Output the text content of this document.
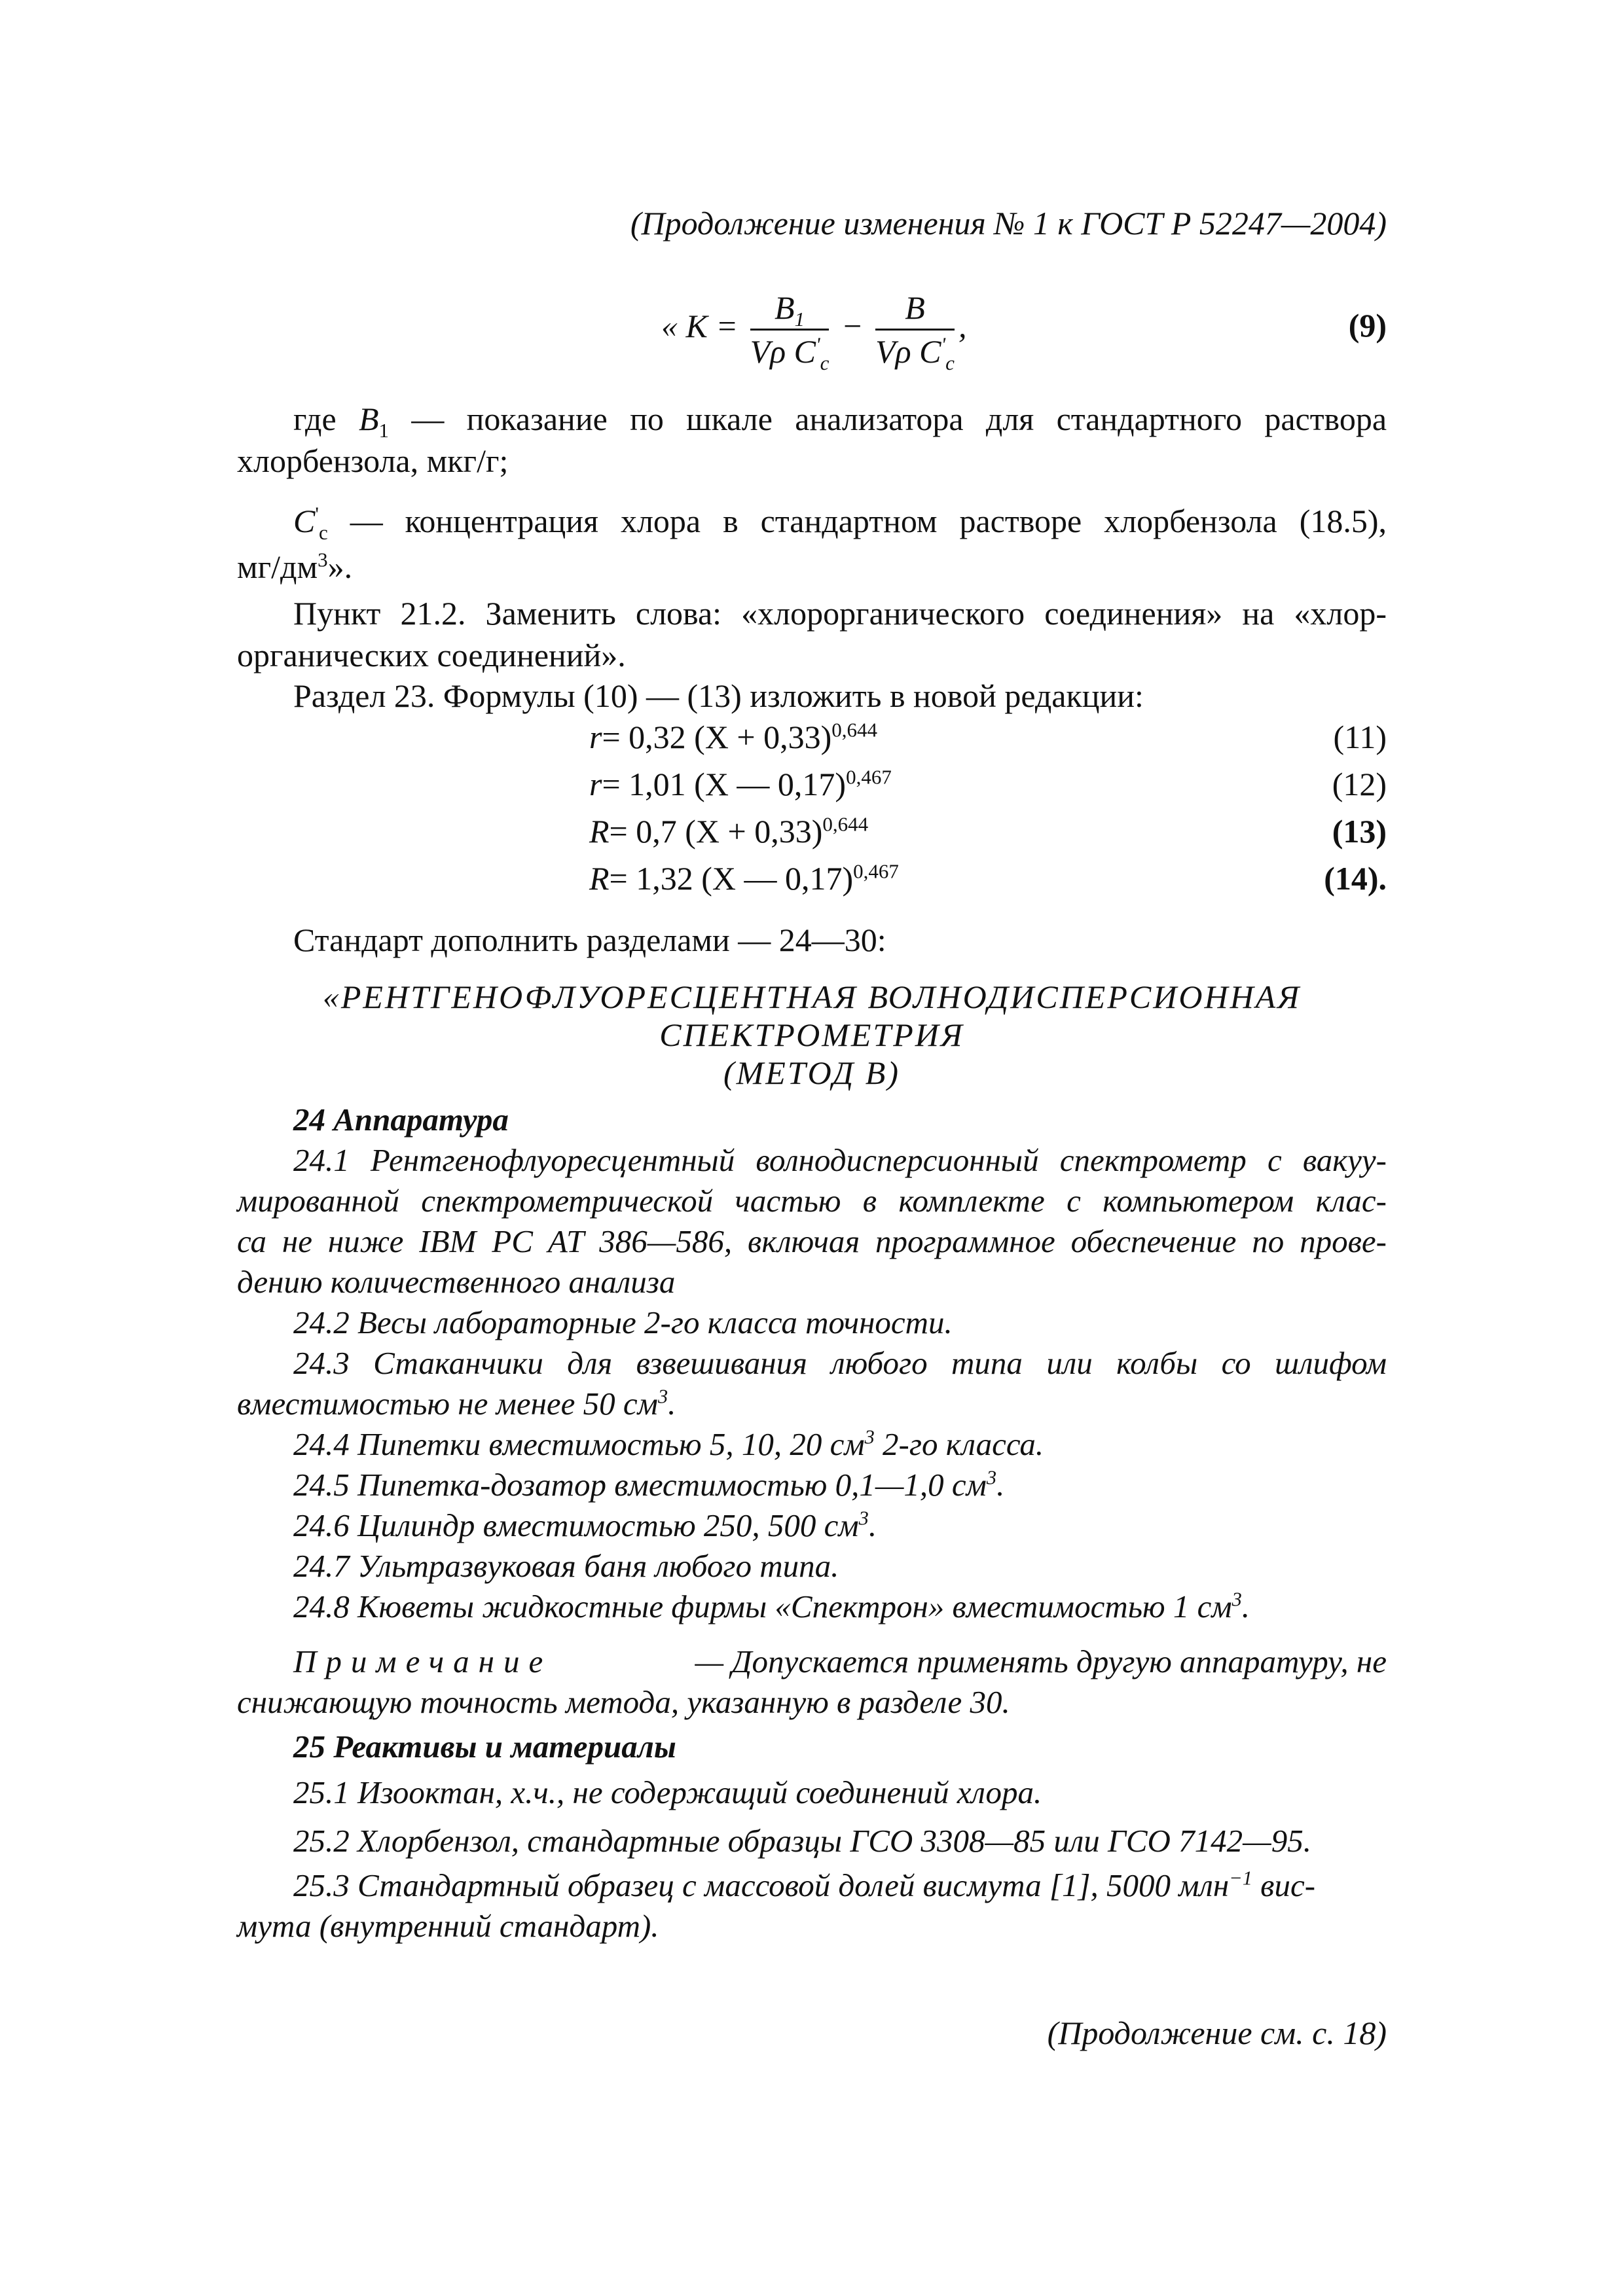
(Продолжение изменения № 1 к ГОСТ Р 52247—2004)
« $K = \frac{B_1}{V\rho C'_c} - \frac{B}{V\rho C'_c}$ ,	(9)
где $B_1$ — показание по шкале анализатора для стандартного раствора
хлорбензола, мкг/г;
$C'_c$ — концентрация хлора в стандартном растворе хлорбензола (18.5),
$мг/дм^3$».
Пункт 21.2. Заменить слова: «хлорорганического соединения» на «хлор-
органических соединений».
Раздел 23. Формулы (10) — (13) изложить в новой редакции:
r= 0,32 $(X + 0,33)^{0,644}$	(11)
r= 1,01 (X — 0,17)$^{0,467}$	(12)
R= 0,7 $(X + 0,33)^{0,644}$	(13)
R= 1,32 (X — 0,17)$^{0,467}$	(14).
Стандарт дополнить разделами — 24—30:
«РЕНТГЕНОФЛУОРЕСЦЕНТНАЯ ВОЛНОДИСПЕРСИОННАЯ
СПЕКТРОМЕТРИЯ
(МЕТОД В)
24 Аппаратура
24.1 Рентгенофлуоресцентный волнодисперсионный спектрометр с вакуу-
мированной спектрометрической частью в комплекте с компьютером клас-
са не ниже IBM PC AT 386—586, включая программное обеспечение по прове-
дению количественного анализа
24.2 Весы лабораторные 2-го класса точности.
24.3 Стаканчики для взвешивания любого типа или колбы со шлифом
вместимостью не менее 50 $см^3$.
24.4 Пипетки вместимостью 5, 10, 20 $см^3$ 2-го класса.
24.5 Пипетка-дозатор вместимостью 0,1—1,0 $см^3$.
24.6 Цилиндр вместимостью 250, 500 $см^3$.
24.7 Ультразвуковая баня любого типа.
24.8 Кюветы жидкостные фирмы «Спектрон» вместимостью 1 $см^3$.
Примечание	— Допускается применять другую аппаратуру, не
снижающую точность метода, указанную в разделе 30.
25 Реактивы и материалы
25.1 Изооктан, х.ч., не содержащий соединений хлора.
25.2 Хлорбензол, стандартные образцы ГСО 3308—85 или ГСО 7142—95.
25.3 Стандартный образец с массовой долей висмута [1], 5000 млн$^{-1}$ вис-
мута (внутренний стандарт).
(Продолжение см. с. 18)
